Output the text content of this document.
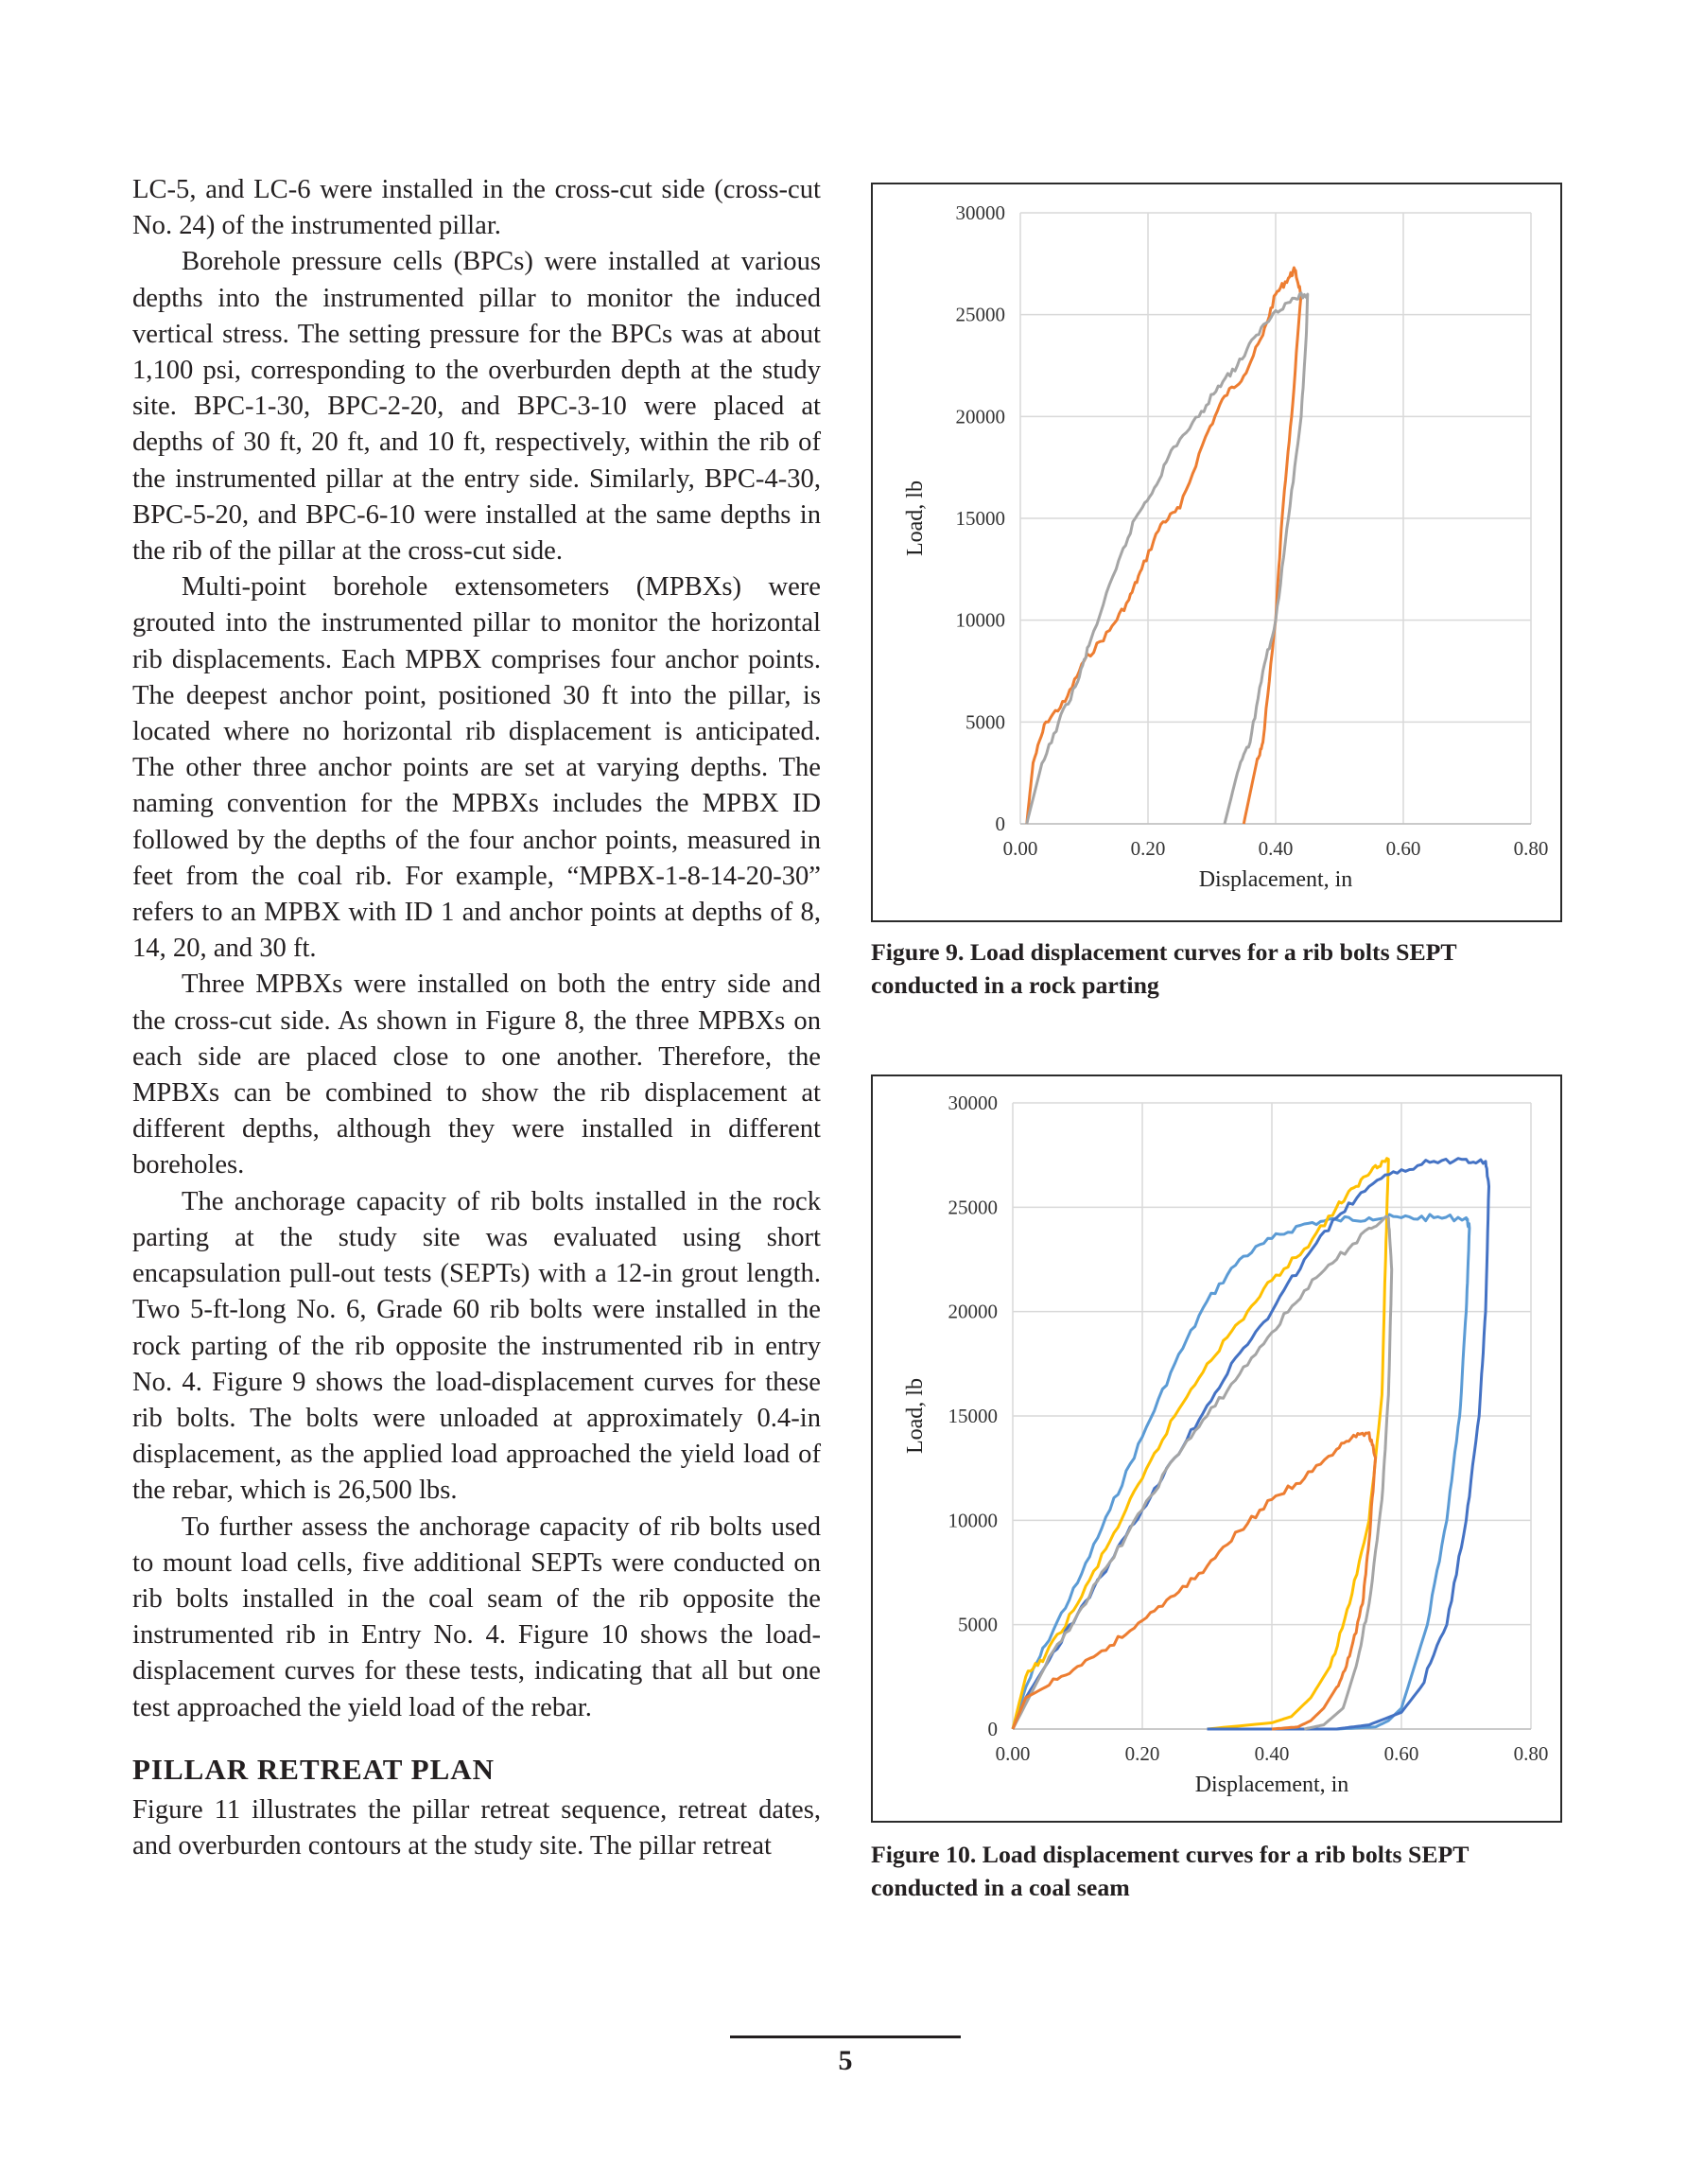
LC-5, and LC-6 were installed in the cross-cut side (cross-cut No. 24) of the instrumented pillar.

Borehole pressure cells (BPCs) were installed at various depths into the instrumented pillar to monitor the induced vertical stress. The setting pressure for the BPCs was at about 1,100 psi, corresponding to the overburden depth at the study site. BPC-1-30, BPC-2-20, and BPC-3-10 were placed at depths of 30 ft, 20 ft, and 10 ft, respectively, within the rib of the instrumented pillar at the entry side. Similarly, BPC-4-30, BPC-5-20, and BPC-6-10 were installed at the same depths in the rib of the pillar at the cross-cut side.

Multi-point borehole extensometers (MPBXs) were grouted into the instrumented pillar to monitor the horizontal rib displacements. Each MPBX comprises four anchor points. The deepest anchor point, positioned 30 ft into the pillar, is located where no horizontal rib displacement is anticipated. The other three anchor points are set at varying depths. The naming convention for the MPBXs includes the MPBX ID followed by the depths of the four anchor points, measured in feet from the coal rib. For example, “MPBX-1-8-14-20-30” refers to an MPBX with ID 1 and anchor points at depths of 8, 14, 20, and 30 ft.

Three MPBXs were installed on both the entry side and the cross-cut side. As shown in Figure 8, the three MPBXs on each side are placed close to one another. Therefore, the MPBXs can be combined to show the rib displacement at different depths, although they were installed in different boreholes.

The anchorage capacity of rib bolts installed in the rock parting at the study site was evaluated using short encapsulation pull-out tests (SEPTs) with a 12-in grout length. Two 5-ft-long No. 6, Grade 60 rib bolts were installed in the rock parting of the rib opposite the instrumented rib in entry No. 4. Figure 9 shows the load-displacement curves for these rib bolts. The bolts were unloaded at approximately 0.4-in displacement, as the applied load approached the yield load of the rebar, which is 26,500 lbs.

To further assess the anchorage capacity of rib bolts used to mount load cells, five additional SEPTs were conducted on rib bolts installed in the coal seam of the rib opposite the instrumented rib in Entry No. 4. Figure 10 shows the load-displacement curves for these tests, indicating that all but one test approached the yield load of the rebar.

PILLAR RETREAT PLAN

Figure 11 illustrates the pillar retreat sequence, retreat dates, and overburden contours at the study site. The pillar retreat

0.00	0.20	0.40	0.60	0.80
0
5000
10000
15000
20000
25000
30000
Displacement, in
Load, lb
Figure 9. Load displacement curves for a rib bolts SEPT conducted in a rock parting
0.00	0.20	0.40	0.60	0.80
0
5000
10000
15000
20000
25000
30000
Displacement, in
Load, lb
Figure 10. Load displacement curves for a rib bolts SEPT conducted in a coal seam
5
